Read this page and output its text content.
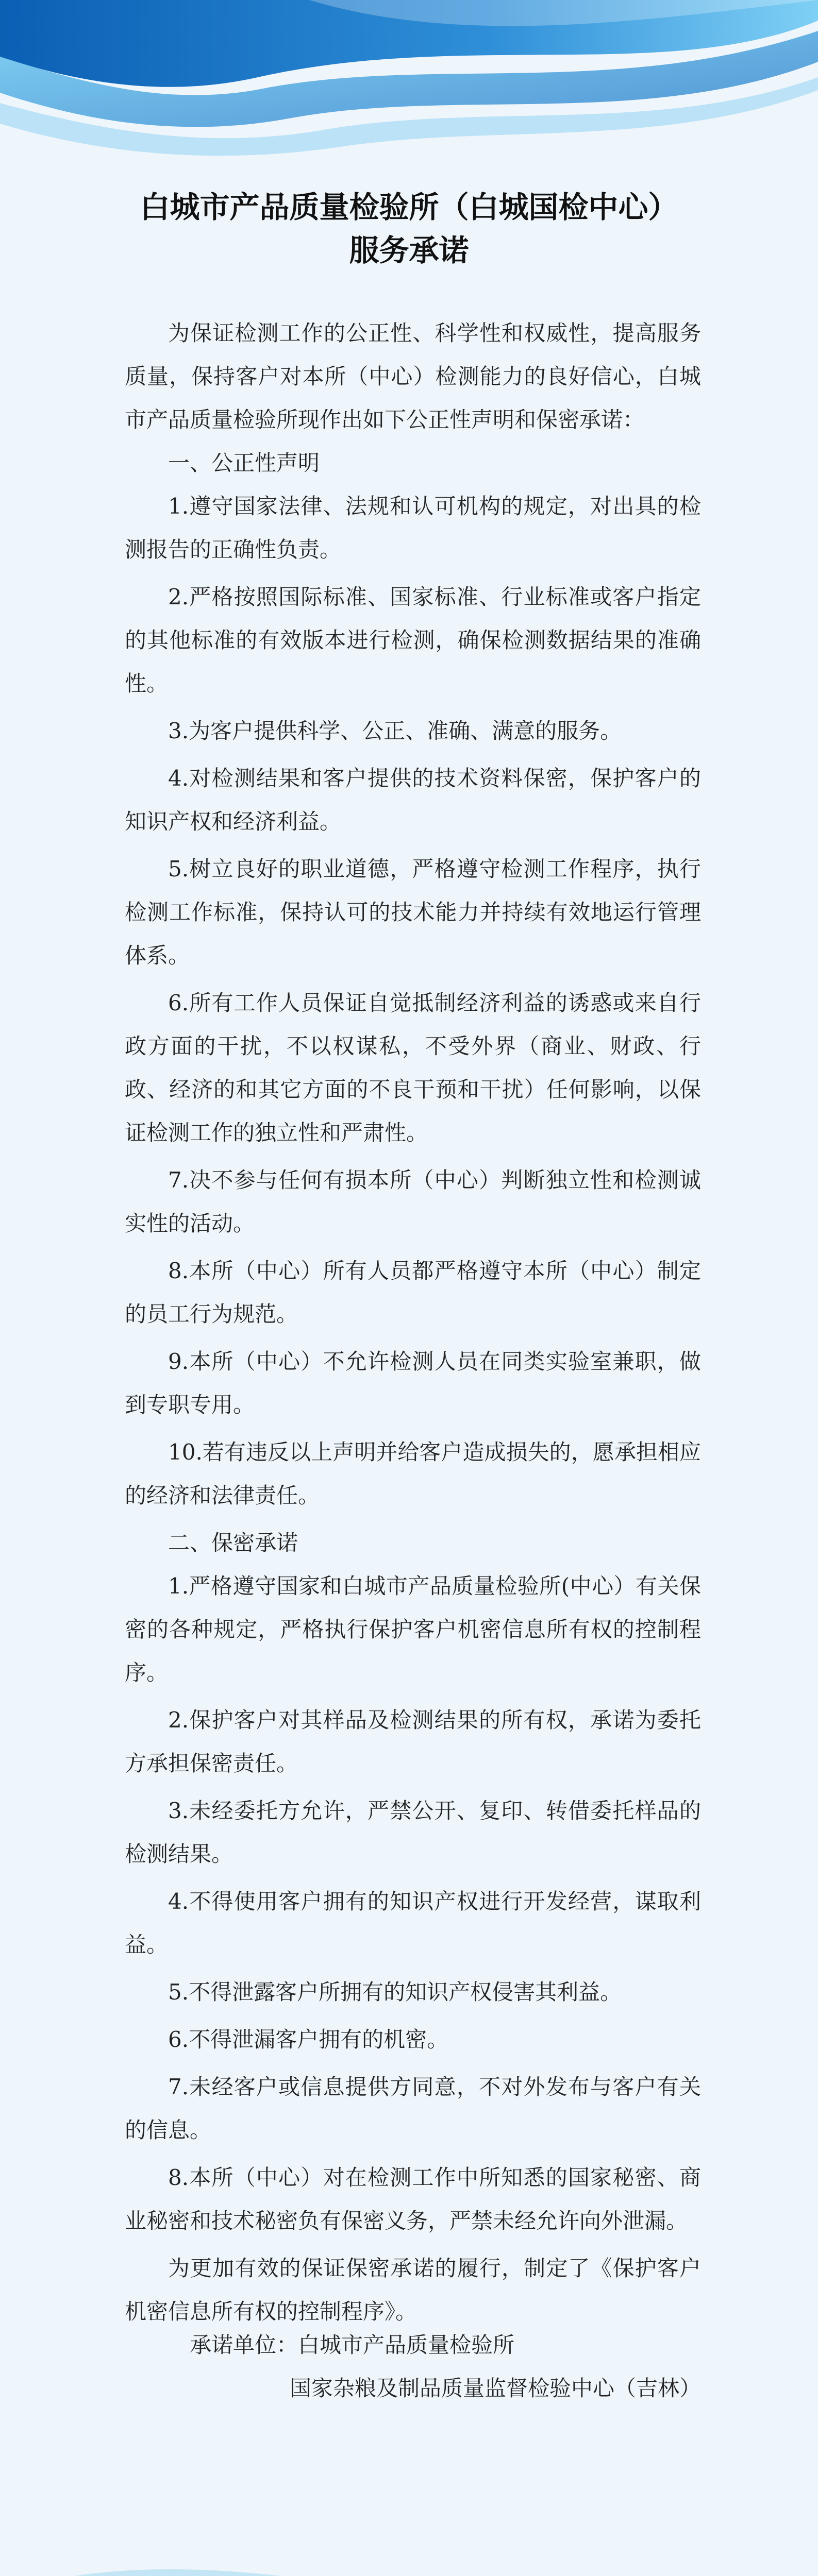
白城市产品质量检验所（白城国检中心）
服务承诺

为保证检测工作的公正性、科学性和权威性，提高服务质量，保持客户对本所（中心）检测能力的良好信心，白城市产品质量检验所现作出如下公正性声明和保密承诺：

一、公正性声明

1.遵守国家法律、法规和认可机构的规定，对出具的检测报告的正确性负责。

2.严格按照国际标准、国家标准、行业标准或客户指定的其他标准的有效版本进行检测，确保检测数据结果的准确性。

3.为客户提供科学、公正、准确、满意的服务。

4.对检测结果和客户提供的技术资料保密，保护客户的知识产权和经济利益。

5.树立良好的职业道德，严格遵守检测工作程序，执行检测工作标准，保持认可的技术能力并持续有效地运行管理体系。

6.所有工作人员保证自觉抵制经济利益的诱惑或来自行政方面的干扰，不以权谋私，不受外界（商业、财政、行政、经济的和其它方面的不良干预和干扰）任何影响，以保证检测工作的独立性和严肃性。

7.决不参与任何有损本所（中心）判断独立性和检测诚实性的活动。

8.本所（中心）所有人员都严格遵守本所（中心）制定的员工行为规范。

9.本所（中心）不允许检测人员在同类实验室兼职，做到专职专用。

10.若有违反以上声明并给客户造成损失的，愿承担相应的经济和法律责任。

二、保密承诺

1.严格遵守国家和白城市产品质量检验所(中心）有关保密的各种规定，严格执行保护客户机密信息所有权的控制程序。

2.保护客户对其样品及检测结果的所有权，承诺为委托方承担保密责任。

3.未经委托方允许，严禁公开、复印、转借委托样品的检测结果。

4.不得使用客户拥有的知识产权进行开发经营，谋取利益。

5.不得泄露客户所拥有的知识产权侵害其利益。

6.不得泄漏客户拥有的机密。

7.未经客户或信息提供方同意，不对外发布与客户有关的信息。

8.本所（中心）对在检测工作中所知悉的国家秘密、商业秘密和技术秘密负有保密义务，严禁未经允许向外泄漏。

为更加有效的保证保密承诺的履行，制定了《保护客户机密信息所有权的控制程序》。

承诺单位：白城市产品质量检验所
国家杂粮及制品质量监督检验中心（吉林）
